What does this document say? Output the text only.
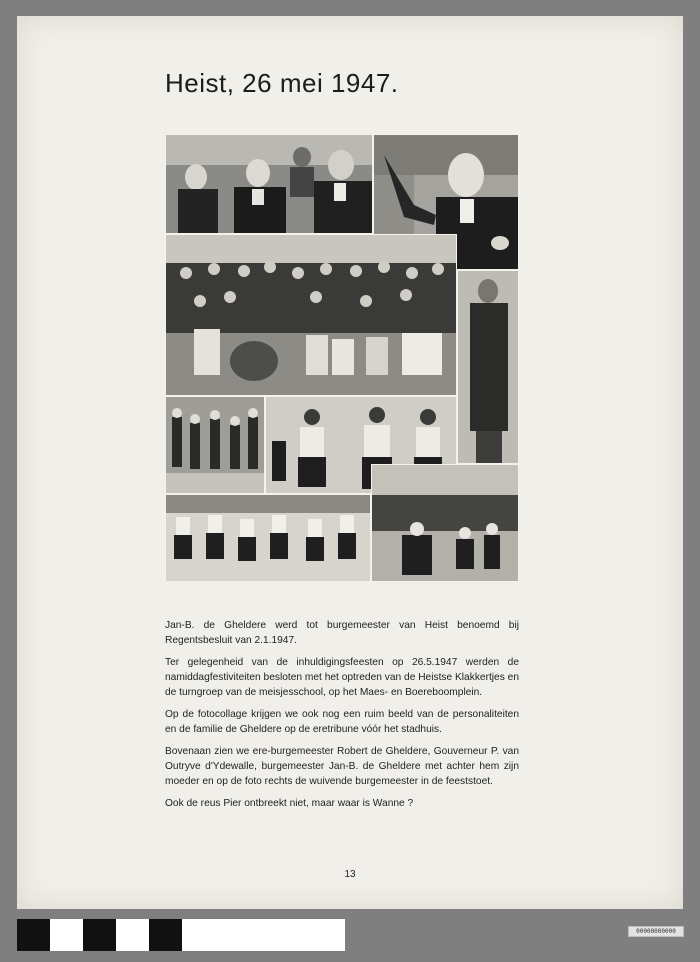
Heist, 26 mei 1947.

Jan-B. de Gheldere werd tot burgemeester van Heist benoemd bij Regentsbesluit van 2.1.1947.

Ter gelegenheid van de inhuldigingsfeesten op 26.5.1947 werden de namiddagfestiviteiten besloten met het optreden van de Heistse Klakkertjes en de turngroep van de meisjesschool, op het Maes- en Boereboomplein.

Op de fotocollage krijgen we ook nog een ruim beeld van de personaliteiten en de familie de Gheldere op de eretribune vóór het stadhuis.

Bovenaan zien we ere-burgemeester Robert de Gheldere, Gouverneur P. van Outryve d'Ydewalle, burgemeester Jan-B. de Gheldere met achter hem zijn moeder en op de foto rechts de wuivende burgemeester in de feeststoet.

Ook de reus Pier ontbreekt niet, maar waar is Wanne ?

13
00000000000
